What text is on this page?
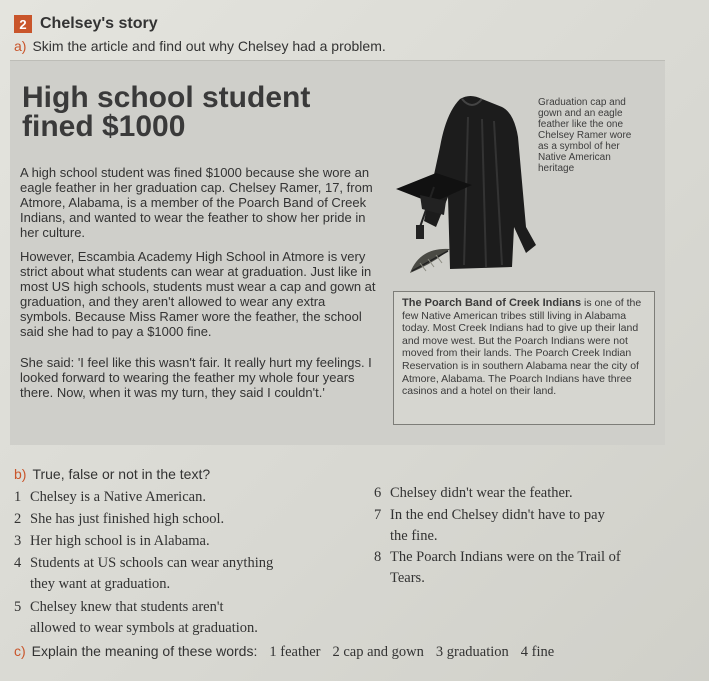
2 Chelsey's story
a) Skim the article and find out why Chelsey had a problem.
High school student
fined $1000

A high school student was fined $1000 because she wore an eagle feather in her graduation cap. Chelsey Ramer, 17, from Atmore, Alabama, is a member of the Poarch Band of Creek Indians, and wanted to wear the feather to show her pride in her culture.

However, Escambia Academy High School in Atmore is very strict about what students can wear at graduation. Just like in most US high schools, students must wear a cap and gown at graduation, and they aren't allowed to wear any extra symbols. Because Miss Ramer wore the feather, the school said she had to pay a $1000 fine.

She said: 'I feel like this wasn't fair. It really hurt my feelings. I looked forward to wearing the feather my whole four years there. Now, when it was my turn, they said I couldn't.'

Graduation cap and gown and an eagle feather like the one Chelsey Ramer wore as a symbol of her Native American heritage

The Poarch Band of Creek Indians is one of the few Native American tribes still living in Alabama today. Most Creek Indians had to give up their land and move west. But the Poarch Indians were not moved from their lands. The Poarch Creek Indian Reservation is in southern Alabama near the city of Atmore, Alabama. The Poarch Indians have three casinos and a hotel on their land.

b) True, false or not in the text?
1 Chelsey is a Native American.
2 She has just finished high school.
3 Her high school is in Alabama.
4 Students at US schools can wear anything
they want at graduation.
5 Chelsey knew that students aren't
allowed to wear symbols at graduation.
6 Chelsey didn't wear the feather.
7 In the end Chelsey didn't have to pay
the fine.
8 The Poarch Indians were on the Trail of
Tears.
c) Explain the meaning of these words: 1 feather 2 cap and gown 3 graduation 4 fine
